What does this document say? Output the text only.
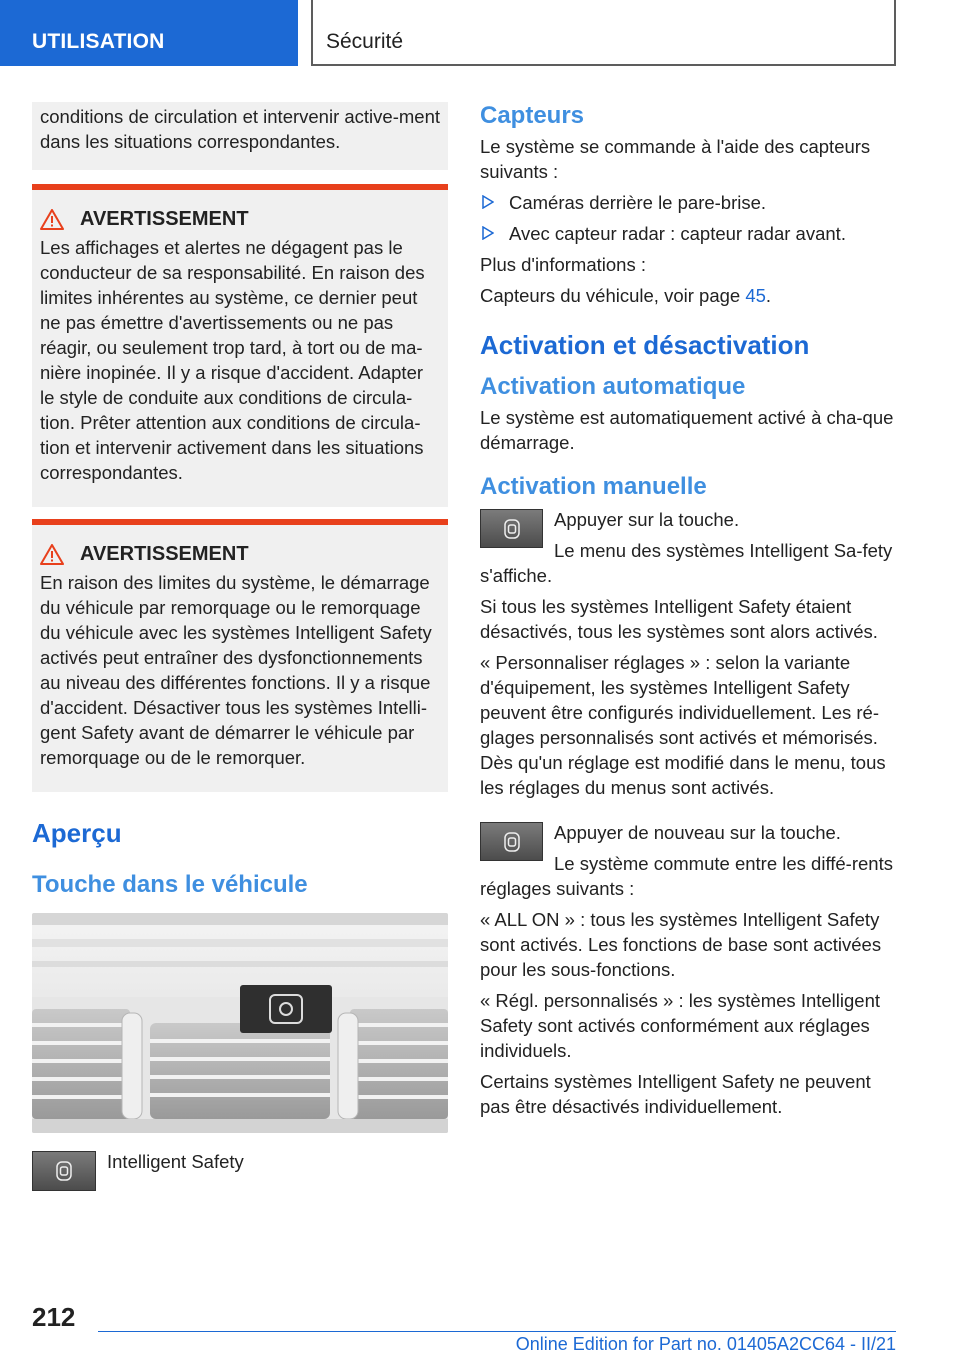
UTILISATION	Sécurité

conditions de circulation et intervenir active-ment dans les situations correspondantes.

AVERTISSEMENT

Les affichages et alertes ne dégagent pas le conducteur de sa responsabilité. En raison des limites inhérentes au système, ce dernier peut ne pas émettre d'avertissements ou ne pas réagir, ou seulement trop tard, à tort ou de ma-nière inopinée. Il y a risque d'accident. Adapter le style de conduite aux conditions de circula-tion. Prêter attention aux conditions de circula-tion et intervenir activement dans les situations correspondantes.

AVERTISSEMENT

En raison des limites du système, le démarrage du véhicule par remorquage ou le remorquage du véhicule avec les systèmes Intelligent Safety activés peut entraîner des dysfonctionnements au niveau des différentes fonctions. Il y a risque d'accident. Désactiver tous les systèmes Intelli-gent Safety avant de démarrer le véhicule par remorquage ou de le remorquer.

Aperçu
Touche dans le véhicule

Intelligent Safety

Capteurs

Le système se commande à l'aide des capteurs suivants :

Caméras derrière le pare-brise.
Avec capteur radar : capteur radar avant.

Plus d'informations :

Capteurs du véhicule, voir page 45.

Activation et désactivation
Activation automatique

Le système est automatiquement activé à cha-que démarrage.

Activation manuelle

Appuyer sur la touche.

Le menu des systèmes Intelligent Sa-fety s'affiche.

Si tous les systèmes Intelligent Safety étaient désactivés, tous les systèmes sont alors activés.

« Personnaliser réglages » : selon la variante d'équipement, les systèmes Intelligent Safety peuvent être configurés individuellement. Les ré-glages personnalisés sont activés et mémorisés. Dès qu'un réglage est modifié dans le menu, tous les réglages du menus sont activés.

Appuyer de nouveau sur la touche.

Le système commute entre les diffé-rents réglages suivants :

« ALL ON » : tous les systèmes Intelligent Safety sont activés. Les fonctions de base sont activées pour les sous-fonctions.

« Régl. personnalisés » : les systèmes Intelligent Safety sont activés conformément aux réglages individuels.

Certains systèmes Intelligent Safety ne peuvent pas être désactivés individuellement.

212
Online Edition for Part no. 01405A2CC64 - II/21
